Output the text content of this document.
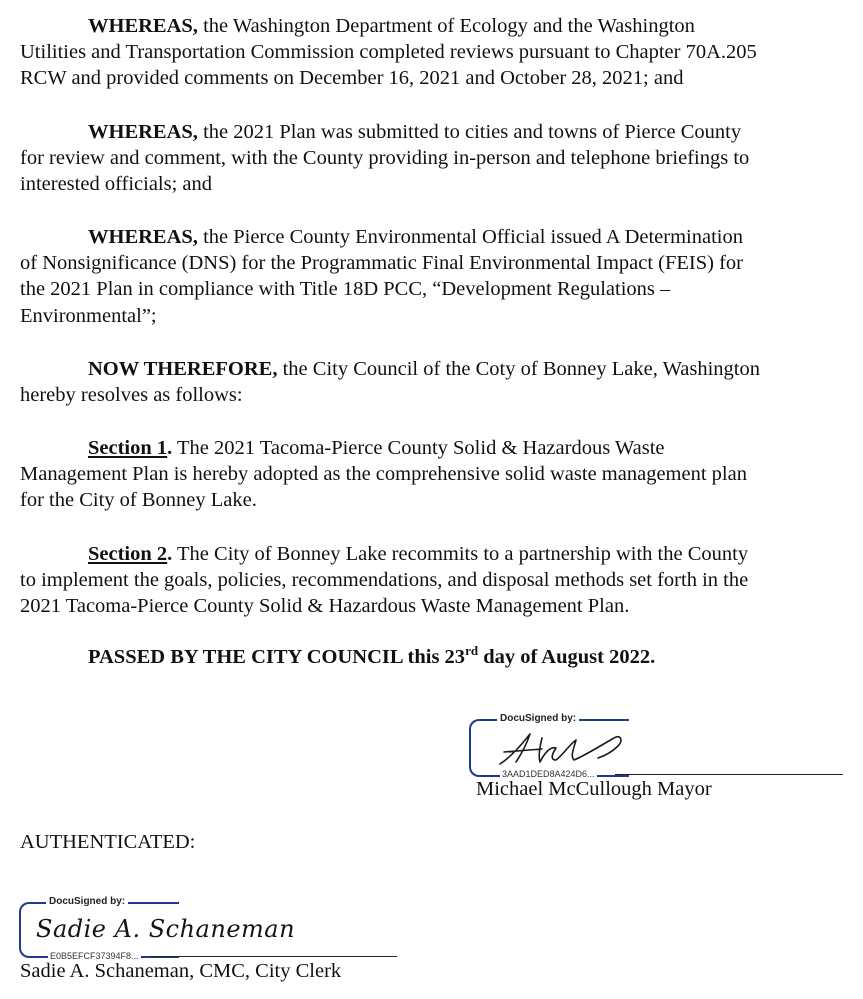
WHEREAS, the Washington Department of Ecology and the Washington
Utilities and Transportation Commission completed reviews pursuant to Chapter 70A.205
RCW and provided comments on December 16, 2021 and October 28, 2021; and
WHEREAS, the 2021 Plan was submitted to cities and towns of Pierce County
for review and comment, with the County providing in-person and telephone briefings to
interested officials; and
WHEREAS, the Pierce County Environmental Official issued A Determination
of Nonsignificance (DNS) for the Programmatic Final Environmental Impact (FEIS) for
the 2021 Plan in compliance with Title 18D PCC, “Development Regulations –
Environmental”;
NOW THEREFORE, the City Council of the Coty of Bonney Lake, Washington
hereby resolves as follows:
Section 1. The 2021 Tacoma-Pierce County Solid & Hazardous Waste
Management Plan is hereby adopted as the comprehensive solid waste management plan
for the City of Bonney Lake.
Section 2. The City of Bonney Lake recommits to a partnership with the County
to implement the goals, policies, recommendations, and disposal methods set forth in the
2021 Tacoma-Pierce County Solid & Hazardous Waste Management Plan.
PASSED BY THE CITY COUNCIL this 23rd day of August 2022.
DocuSigned by:
3AAD1DED8A424D6...
Michael McCullough Mayor
AUTHENTICATED:
DocuSigned by:
Sadie A. Schaneman
E0B5EFCF37394F8...
Sadie A. Schaneman, CMC, City Clerk
